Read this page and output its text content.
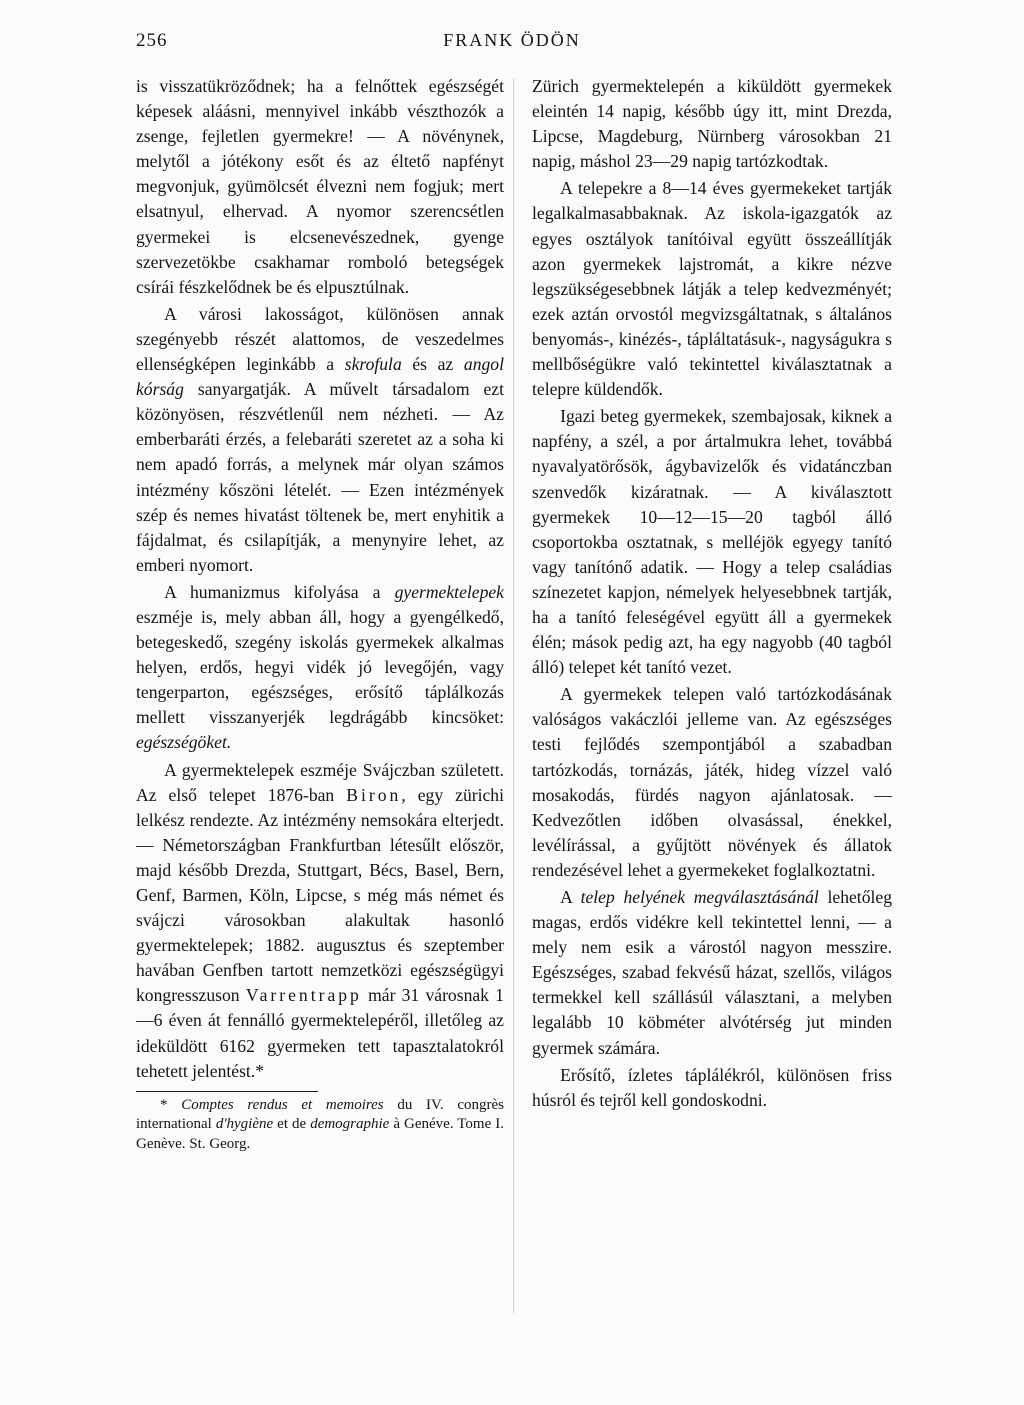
256	FRANK ÖDÖN

is visszatükröződnek; ha a felnőttek egészségét képesek aláásni, mennyivel inkább vészthozók a zsenge, fejletlen gyermekre! — A növénynek, melytől a jótékony esőt és az éltető napfényt megvonjuk, gyümölcsét élvezni nem fogjuk; mert elsatnyul, elhervad. A nyomor szerencsétlen gyermekei is elcsenevészednek, gyenge szervezetökbe csakhamar romboló betegségek csírái fészkelődnek be és elpusztúlnak.

A városi lakosságot, különösen annak szegényebb részét alattomos, de veszedelmes ellenségképen leginkább a skrofula és az angol kórság sanyargatják. A művelt társadalom ezt közönyösen, részvétlenűl nem nézheti. — Az emberbaráti érzés, a felebaráti szeretet az a soha ki nem apadó forrás, a melynek már olyan számos intézmény kőszöni lételét. — Ezen intézmények szép és nemes hivatást töltenek be, mert enyhitik a fájdalmat, és csilapítják, a menynyire lehet, az emberi nyomort.

A humanizmus kifolyása a gyermektelepek eszméje is, mely abban áll, hogy a gyengélkedő, betegeskedő, szegény iskolás gyermekek alkalmas helyen, erdős, hegyi vidék jó levegőjén, vagy tengerparton, egészséges, erősítő táplálkozás mellett visszanyerjék legdrágább kincsöket: egészségöket.

A gyermektelepek eszméje Svájczban született. Az első telepet 1876-ban Biron, egy zürichi lelkész rendezte. Az intézmény nemsokára elterjedt. — Németországban Frankfurtban létesűlt először, majd később Drezda, Stuttgart, Bécs, Basel, Bern, Genf, Barmen, Köln, Lipcse, s még más német és svájczi városokban alakultak hasonló gyermektelepek; 1882. augusztus és szeptember havában Genfben tartott nemzetközi egészségügyi kongresszuson Varrentrapp már 31 városnak 1—6 éven át fennálló gyermektelepéről, illetőleg az ideküldött 6162 gyermeken tett tapasztalatokról tehetett jelentést.*

* Comptes rendus et memoires du IV. congrès international d'hygiène et de demographie à Genéve. Tome I. Genève. St. Georg.

Zürich gyermektelepén a kiküldött gyermekek eleintén 14 napig, később úgy itt, mint Drezda, Lipcse, Magdeburg, Nürnberg városokban 21 napig, máshol 23—29 napig tartózkodtak.

A telepekre a 8—14 éves gyermekeket tartják legalkalmasabbaknak. Az iskola-igazgatók az egyes osztályok tanítóival együtt összeállítják azon gyermekek lajstromát, a kikre nézve legszükségesebbnek látják a telep kedvezményét; ezek aztán orvostól megvizsgáltatnak, s általános benyomás-, kinézés-, tápláltatásuk-, nagyságukra s mellbőségükre való tekintettel kiválasztatnak a telepre küldendők.

Igazi beteg gyermekek, szembajosak, kiknek a napfény, a szél, a por ártalmukra lehet, továbbá nyavalyatörősök, ágybavizelők és vidatánczban szenvedők kizáratnak. — A kiválasztott gyermekek 10—12—15—20 tagból álló csoportokba osztatnak, s melléjök egyegy tanító vagy tanítónő adatik. — Hogy a telep családias színezetet kapjon, némelyek helyesebbnek tartják, ha a tanító feleségével együtt áll a gyermekek élén; mások pedig azt, ha egy nagyobb (40 tagból álló) telepet két tanító vezet.

A gyermekek telepen való tartózkodásának valóságos vakáczlói jelleme van. Az egészséges testi fejlődés szempontjából a szabadban tartózkodás, tornázás, játék, hideg vízzel való mosakodás, fürdés nagyon ajánlatosak. — Kedvezőtlen időben olvasással, énekkel, levélírással, a gyűjtött növények és állatok rendezésével lehet a gyermekeket foglalkoztatni.

A telep helyének megválasztásánál lehetőleg magas, erdős vidékre kell tekintettel lenni, — a mely nem esik a várostól nagyon messzire. Egészséges, szabad fekvésű házat, szellős, világos termekkel kell szállásúl választani, a melyben legalább 10 köbméter alvótérség jut minden gyermek számára.

Erősítő, ízletes táplálékról, különösen friss húsról és tejről kell gondoskodni.
